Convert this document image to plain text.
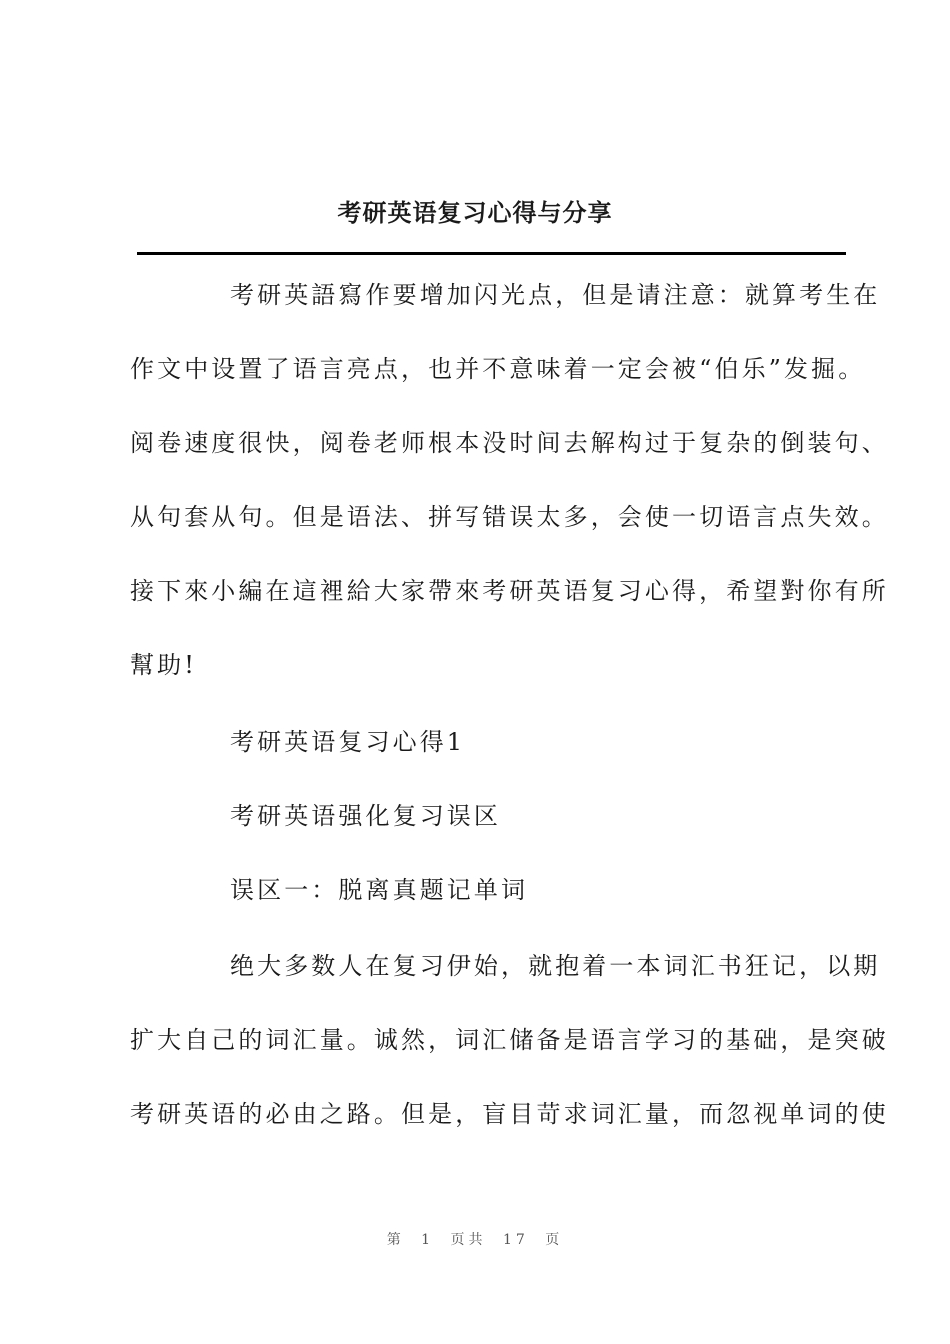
考研英语复习心得与分享
考研英語寫作要增加闪光点，但是请注意：就算考生在
作文中设置了语言亮点，也并不意味着一定会被“伯乐”发掘。
阅卷速度很快，阅卷老师根本没时间去解构过于复杂的倒装句、
从句套从句。但是语法、拼写错误太多，会使一切语言点失效。
接下來小編在這裡給大家帶來考研英语复习心得，希望對你有所
幫助!
考研英语复习心得1
考研英语强化复习误区
误区一：脱离真题记单词
绝大多数人在复习伊始，就抱着一本词汇书狂记，以期
扩大自己的词汇量。诚然，词汇储备是语言学习的基础，是突破
考研英语的必由之路。但是，盲目苛求词汇量，而忽视单词的使
第 1 页共 17 页
